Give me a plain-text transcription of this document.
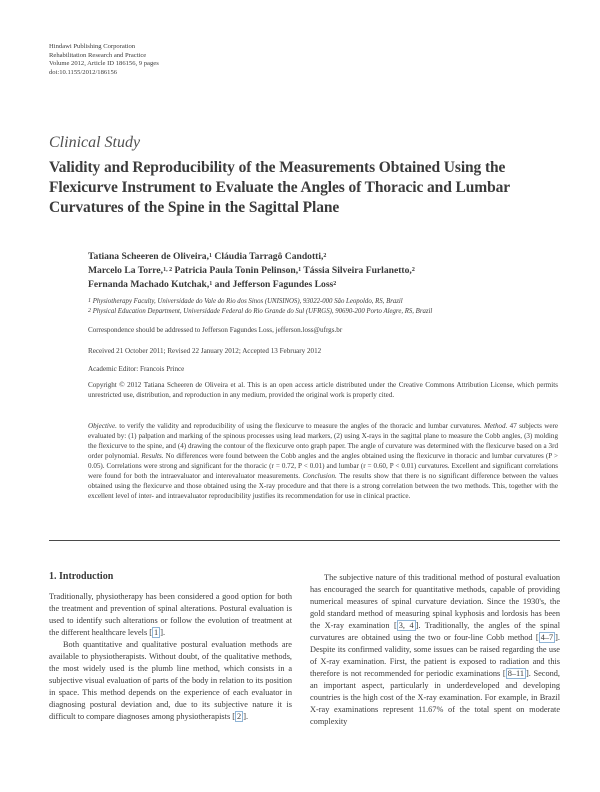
Hindawi Publishing Corporation
Rehabilitation Research and Practice
Volume 2012, Article ID 186156, 9 pages
doi:10.1155/2012/186156
Clinical Study
Validity and Reproducibility of the Measurements Obtained Using the Flexicurve Instrument to Evaluate the Angles of Thoracic and Lumbar Curvatures of the Spine in the Sagittal Plane
Tatiana Scheeren de Oliveira,$^1$ Cláudia Tarragô Candotti,$^2$
Marcelo La Torre,$^{1, 2}$ Patricia Paula Tonin Pelinson,$^1$ Tássia Silveira Furlanetto,$^2$
Fernanda Machado Kutchak,$^1$ and Jefferson Fagundes Loss$^2$
$^1$ Physiotherapy Faculty, Universidade do Vale do Rio dos Sinos (UNISINOS), 93022-000 São Leopoldo, RS, Brazil
$^2$ Physical Education Department, Universidade Federal do Rio Grande do Sul (UFRGS), 90690-200 Porto Alegre, RS, Brazil
Correspondence should be addressed to Jefferson Fagundes Loss, jefferson.loss@ufrgs.br
Received 21 October 2011; Revised 22 January 2012; Accepted 13 February 2012
Academic Editor: Francois Prince
Copyright © 2012 Tatiana Scheeren de Oliveira et al. This is an open access article distributed under the Creative Commons Attribution License, which permits unrestricted use, distribution, and reproduction in any medium, provided the original work is properly cited.
Objective. to verify the validity and reproducibility of using the flexicurve to measure the angles of the thoracic and lumbar curvatures. Method. 47 subjects were evaluated by: (1) palpation and marking of the spinous processes using lead markers, (2) using X-rays in the sagittal plane to measure the Cobb angles, (3) molding the flexicurve to the spine, and (4) drawing the contour of the flexicurve onto graph paper. The angle of curvature was determined with the flexicurve based on a 3rd order polynomial. Results. No differences were found between the Cobb angles and the angles obtained using the flexicurve in thoracic and lumbar curvatures (P > 0.05). Correlations were strong and significant for the thoracic (r = 0.72, P < 0.01) and lumbar (r = 0.60, P < 0.01) curvatures. Excellent and significant correlations were found for both the intraevaluator and interevaluator measurements. Conclusion. The results show that there is no significant difference between the values obtained using the flexicurve and those obtained using the X-ray procedure and that there is a strong correlation between the two methods. This, together with the excellent level of inter- and intraevaluator reproducibility justifies its recommendation for use in clinical practice.
1. Introduction

Traditionally, physiotherapy has been considered a good option for both the treatment and prevention of spinal alterations. Postural evaluation is used to identify such alterations or follow the evolution of treatment at the different healthcare levels [ 1 ].

Both quantitative and qualitative postural evaluation methods are available to physiotherapists. Without doubt, of the qualitative methods, the most widely used is the plumb line method, which consists in a subjective visual evaluation of parts of the body in relation to its position in space. This method depends on the experience of each evaluator in diagnosing postural deviation and, due to its subjective nature it is difficult to compare diagnoses among physiotherapists [ 2 ].

The subjective nature of this traditional method of postural evaluation has encouraged the search for quantitative methods, capable of providing numerical measures of spinal curvature deviation. Since the 1930's, the gold standard method of measuring spinal kyphosis and lordosis has been the X-ray examination [ 3, 4 ]. Traditionally, the angles of the spinal curvatures are obtained using the two or four-line Cobb method [ 4–7 ]. Despite its confirmed validity, some issues can be raised regarding the use of X-ray examination. First, the patient is exposed to radiation and this therefore is not recommended for periodic examinations [ 8–11 ]. Second, an important aspect, particularly in underdeveloped and developing countries is the high cost of the X-ray examination. For example, in Brazil X-ray examinations represent 11.67% of the total spent on moderate complexity
